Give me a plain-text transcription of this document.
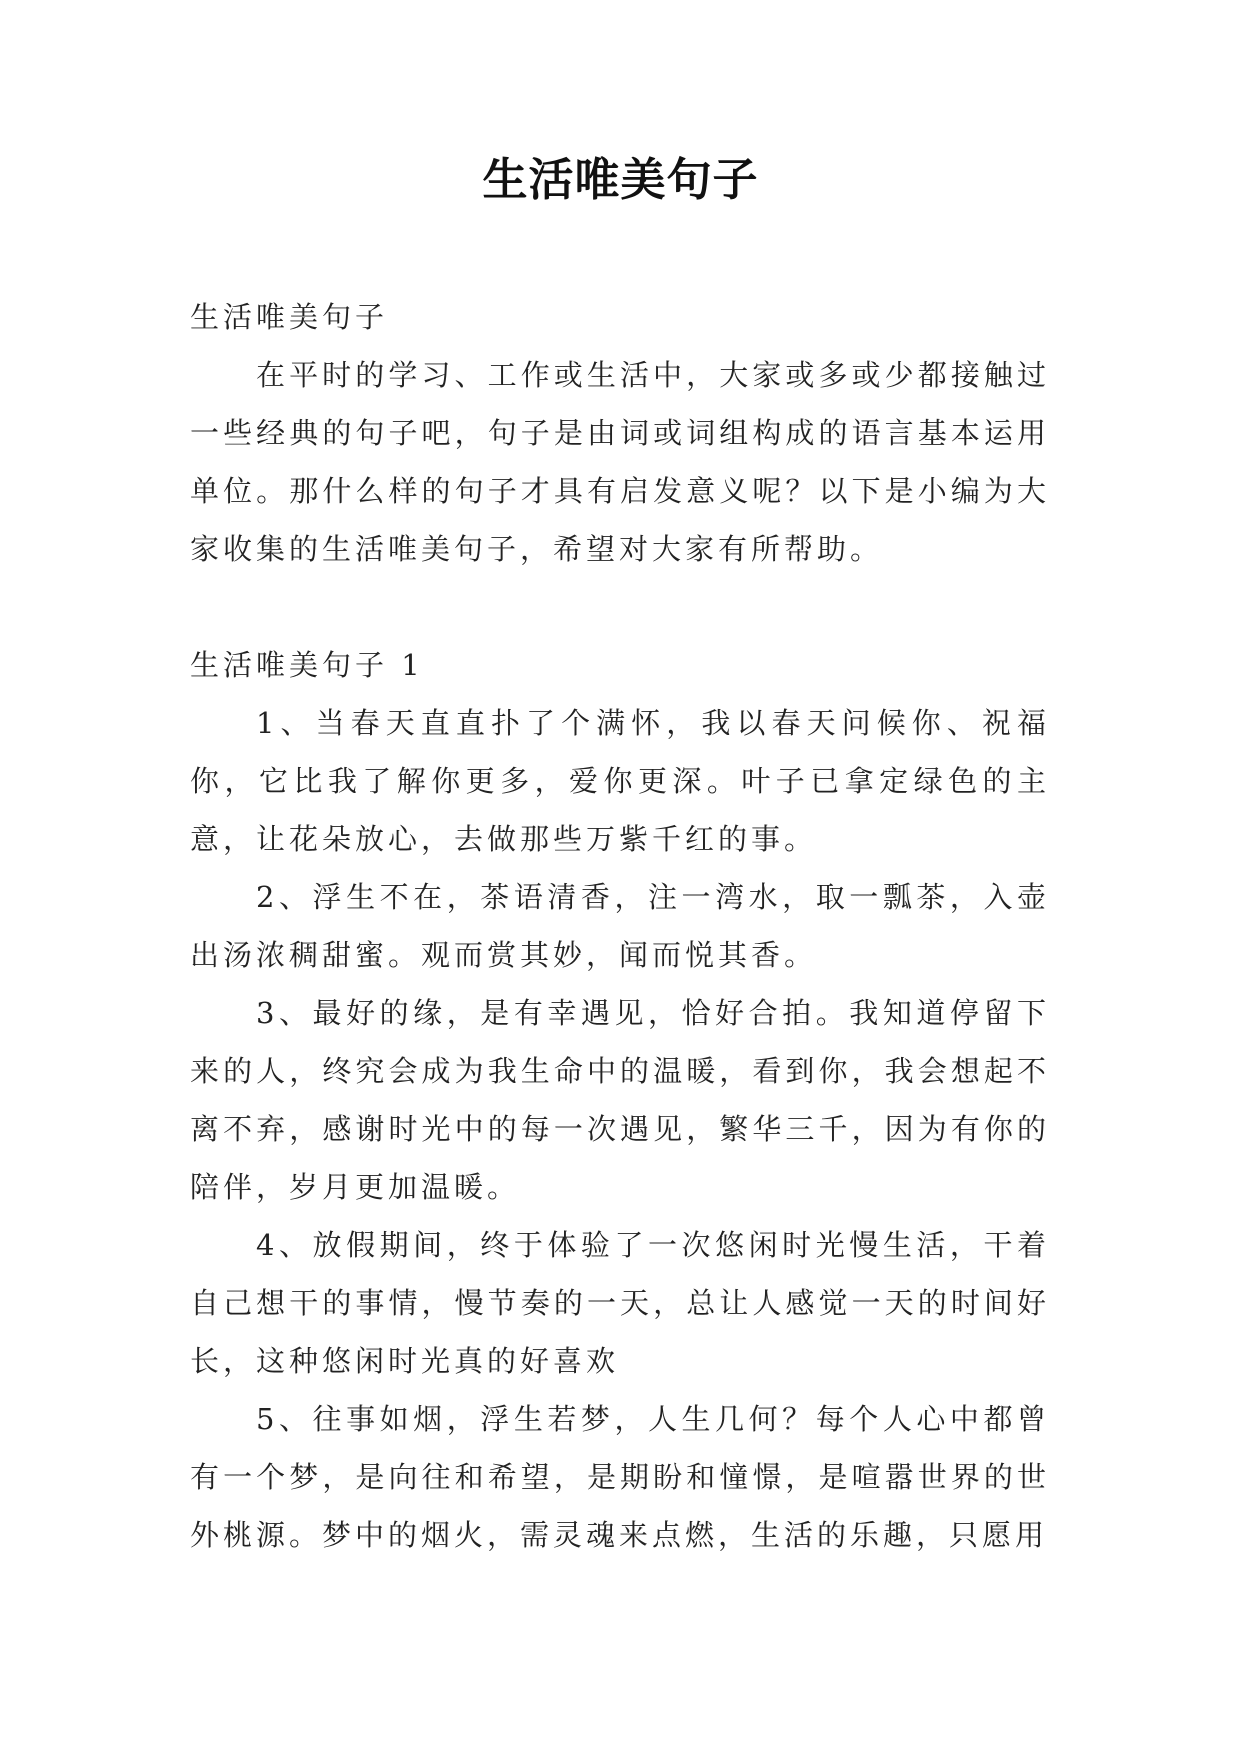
生活唯美句子

生活唯美句子

在平时的学习、工作或生活中，大家或多或少都接触过一些经典的句子吧，句子是由词或词组构成的语言基本运用单位。那什么样的句子才具有启发意义呢？以下是小编为大家收集的生活唯美句子，希望对大家有所帮助。

生活唯美句子 1

1、当春天直直扑了个满怀，我以春天问候你、祝福你，它比我了解你更多，爱你更深。叶子已拿定绿色的主意，让花朵放心，去做那些万紫千红的事。

2、浮生不在，茶语清香，注一湾水，取一瓢茶，入壶出汤浓稠甜蜜。观而赏其妙，闻而悦其香。

3、最好的缘，是有幸遇见，恰好合拍。我知道停留下来的人，终究会成为我生命中的温暖，看到你，我会想起不离不弃，感谢时光中的每一次遇见，繁华三千，因为有你的陪伴，岁月更加温暖。

4、放假期间，终于体验了一次悠闲时光慢生活，干着自己想干的事情，慢节奏的一天，总让人感觉一天的时间好长，这种悠闲时光真的好喜欢

5、往事如烟，浮生若梦，人生几何？每个人心中都曾有一个梦，是向往和希望，是期盼和憧憬，是喧嚣世界的世外桃源。梦中的烟火，需灵魂来点燃，生活的乐趣，只愿用
